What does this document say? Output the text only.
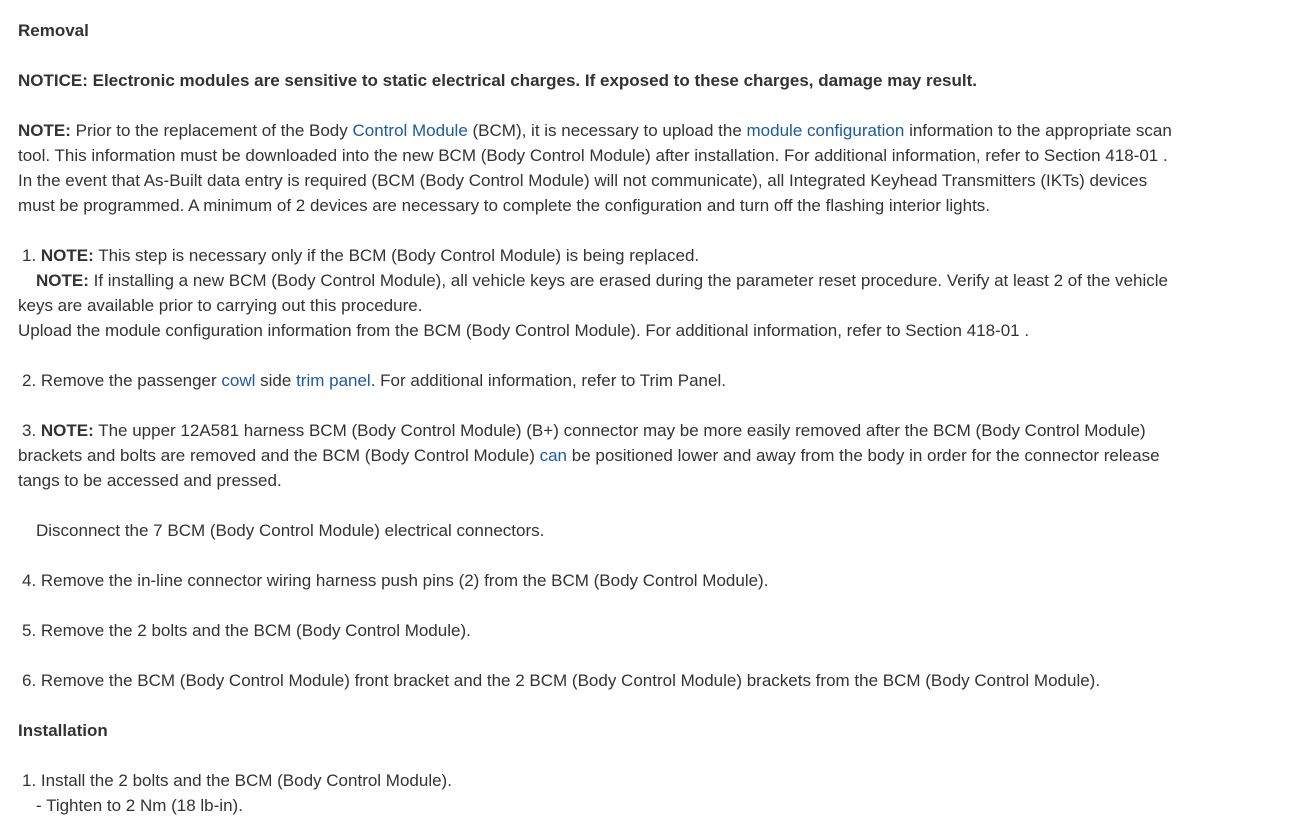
Removal
NOTICE: Electronic modules are sensitive to static electrical charges. If exposed to these charges, damage may result.
NOTE: Prior to the replacement of the Body Control Module (BCM), it is necessary to upload the module configuration information to the appropriate scan
tool. This information must be downloaded into the new BCM (Body Control Module) after installation. For additional information, refer to Section 418-01 .
In the event that As-Built data entry is required (BCM (Body Control Module) will not communicate), all Integrated Keyhead Transmitters (IKTs) devices
must be programmed. A minimum of 2 devices are necessary to complete the configuration and turn off the flashing interior lights.
1. NOTE: This step is necessary only if the BCM (Body Control Module) is being replaced.
NOTE: If installing a new BCM (Body Control Module), all vehicle keys are erased during the parameter reset procedure. Verify at least 2 of the vehicle
keys are available prior to carrying out this procedure.
Upload the module configuration information from the BCM (Body Control Module). For additional information, refer to Section 418-01 .
2. Remove the passenger cowl side trim panel. For additional information, refer to Trim Panel.
3. NOTE: The upper 12A581 harness BCM (Body Control Module) (B+) connector may be more easily removed after the BCM (Body Control Module)
brackets and bolts are removed and the BCM (Body Control Module) can be positioned lower and away from the body in order for the connector release
tangs to be accessed and pressed.
Disconnect the 7 BCM (Body Control Module) electrical connectors.
4. Remove the in-line connector wiring harness push pins (2) from the BCM (Body Control Module).
5. Remove the 2 bolts and the BCM (Body Control Module).
6. Remove the BCM (Body Control Module) front bracket and the 2 BCM (Body Control Module) brackets from the BCM (Body Control Module).
Installation
1. Install the 2 bolts and the BCM (Body Control Module).
- Tighten to 2 Nm (18 lb-in).
